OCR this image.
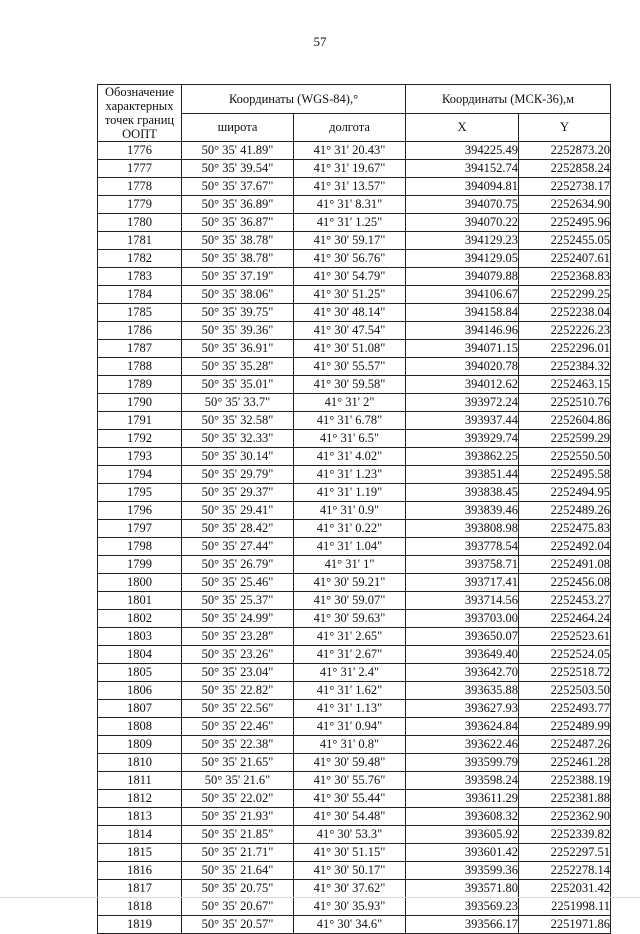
57
Обозначение характерных точек границ ООПТ	Координаты (WGS-84),°		Координаты (МСК-36),м	
	широта	долгота	X	Y
1776	50° 35' 41.89"	41° 31' 20.43"	394225.49	2252873.20
1777	50° 35' 39.54"	41° 31' 19.67"	394152.74	2252858.24
1778	50° 35' 37.67"	41° 31' 13.57"	394094.81	2252738.17
1779	50° 35' 36.89"	41° 31' 8.31"	394070.75	2252634.90
1780	50° 35' 36.87"	41° 31' 1.25"	394070.22	2252495.96
1781	50° 35' 38.78"	41° 30' 59.17"	394129.23	2252455.05
1782	50° 35' 38.78"	41° 30' 56.76"	394129.05	2252407.61
1783	50° 35' 37.19"	41° 30' 54.79"	394079.88	2252368.83
1784	50° 35' 38.06"	41° 30' 51.25"	394106.67	2252299.25
1785	50° 35' 39.75"	41° 30' 48.14"	394158.84	2252238.04
1786	50° 35' 39.36"	41° 30' 47.54"	394146.96	2252226.23
1787	50° 35' 36.91"	41° 30' 51.08"	394071.15	2252296.01
1788	50° 35' 35.28"	41° 30' 55.57"	394020.78	2252384.32
1789	50° 35' 35.01"	41° 30' 59.58"	394012.62	2252463.15
1790	50° 35' 33.7"	41° 31' 2"	393972.24	2252510.76
1791	50° 35' 32.58"	41° 31' 6.78"	393937.44	2252604.86
1792	50° 35' 32.33"	41° 31' 6.5"	393929.74	2252599.29
1793	50° 35' 30.14"	41° 31' 4.02"	393862.25	2252550.50
1794	50° 35' 29.79"	41° 31' 1.23"	393851.44	2252495.58
1795	50° 35' 29.37"	41° 31' 1.19"	393838.45	2252494.95
1796	50° 35' 29.41"	41° 31' 0.9"	393839.46	2252489.26
1797	50° 35' 28.42"	41° 31' 0.22"	393808.98	2252475.83
1798	50° 35' 27.44"	41° 31' 1.04"	393778.54	2252492.04
1799	50° 35' 26.79"	41° 31' 1"	393758.71	2252491.08
1800	50° 35' 25.46"	41° 30' 59.21"	393717.41	2252456.08
1801	50° 35' 25.37"	41° 30' 59.07"	393714.56	2252453.27
1802	50° 35' 24.99"	41° 30' 59.63"	393703.00	2252464.24
1803	50° 35' 23.28"	41° 31' 2.65"	393650.07	2252523.61
1804	50° 35' 23.26"	41° 31' 2.67"	393649.40	2252524.05
1805	50° 35' 23.04"	41° 31' 2.4"	393642.70	2252518.72
1806	50° 35' 22.82"	41° 31' 1.62"	393635.88	2252503.50
1807	50° 35' 22.56"	41° 31' 1.13"	393627.93	2252493.77
1808	50° 35' 22.46"	41° 31' 0.94"	393624.84	2252489.99
1809	50° 35' 22.38"	41° 31' 0.8"	393622.46	2252487.26
1810	50° 35' 21.65"	41° 30' 59.48"	393599.79	2252461.28
1811	50° 35' 21.6"	41° 30' 55.76"	393598.24	2252388.19
1812	50° 35' 22.02"	41° 30' 55.44"	393611.29	2252381.88
1813	50° 35' 21.93"	41° 30' 54.48"	393608.32	2252362.90
1814	50° 35' 21.85"	41° 30' 53.3"	393605.92	2252339.82
1815	50° 35' 21.71"	41° 30' 51.15"	393601.42	2252297.51
1816	50° 35' 21.64"	41° 30' 50.17"	393599.36	2252278.14
1817	50° 35' 20.75"	41° 30' 37.62"	393571.80	2252031.42
1818	50° 35' 20.67"	41° 30' 35.93"	393569.23	2251998.11
1819	50° 35' 20.57"	41° 30' 34.6"	393566.17	2251971.86
